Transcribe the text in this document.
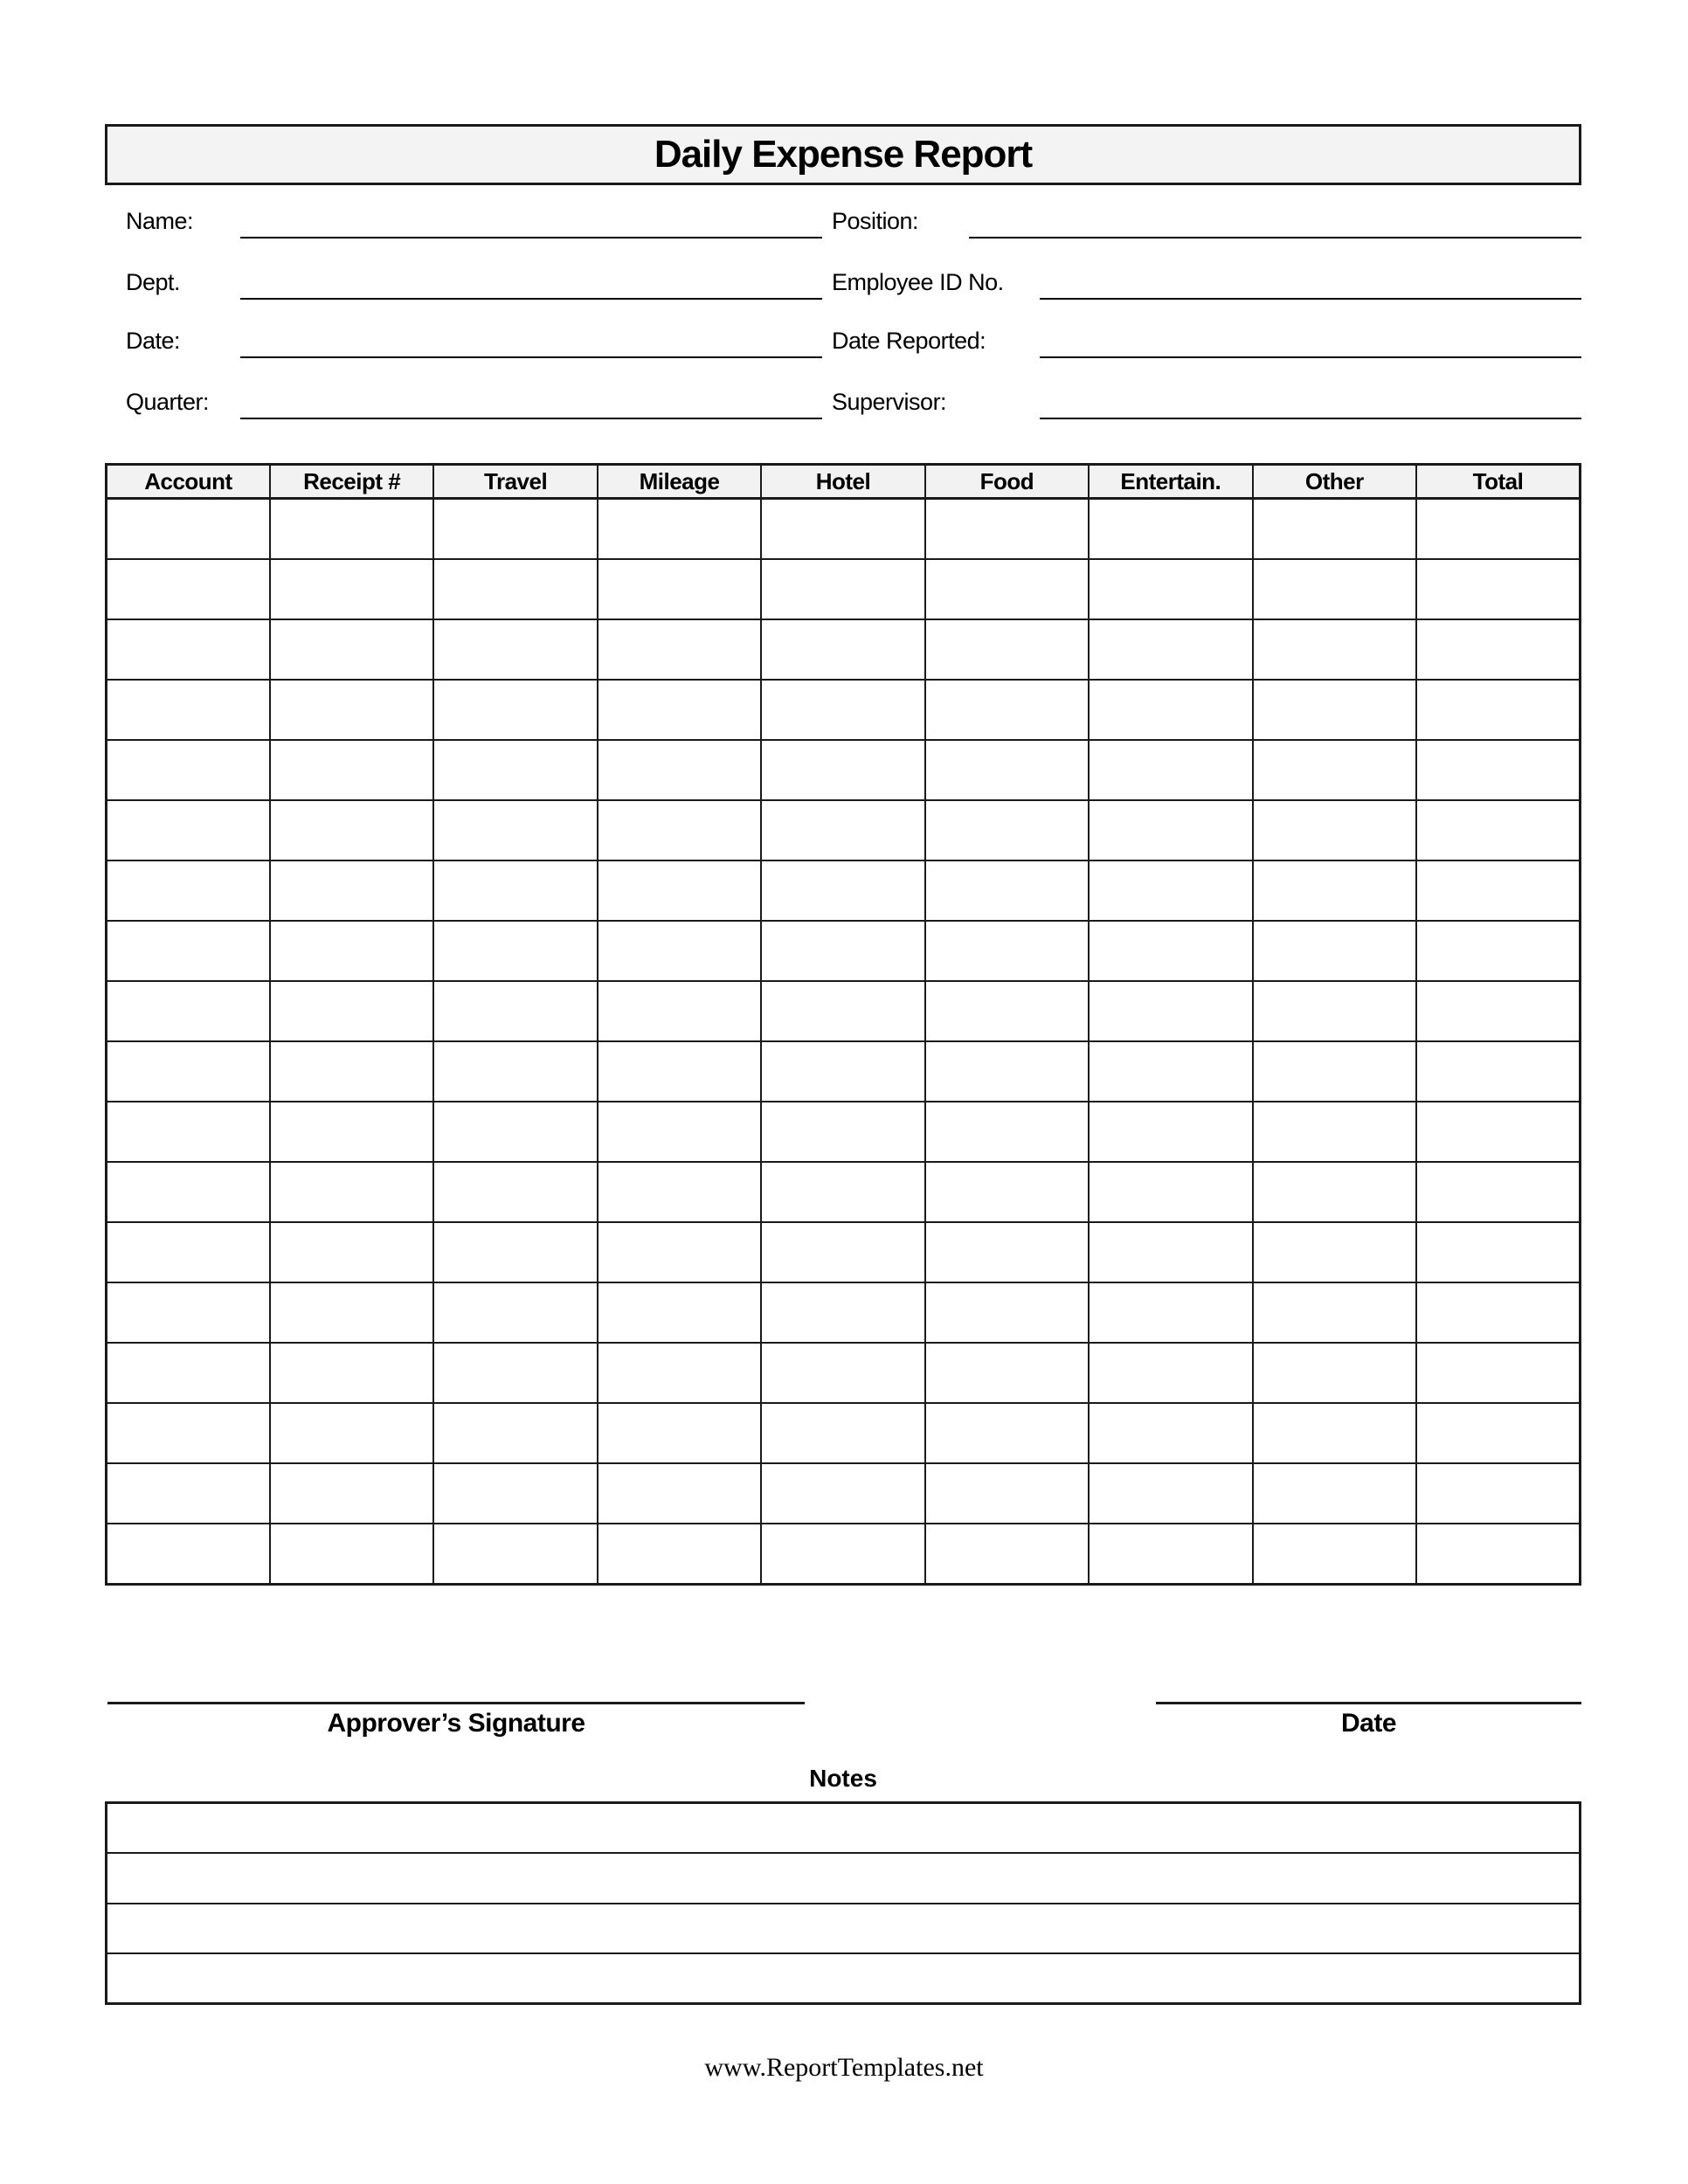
Daily Expense Report
Name:	Position:
Dept.	Employee ID No.
Date:	Date Reported:
Quarter:	Supervisor:
Account	Receipt #	Travel	Mileage	Hotel	Food	Entertain.	Other	Total

Approver’s Signature	Date
Notes
www.ReportTemplates.net
